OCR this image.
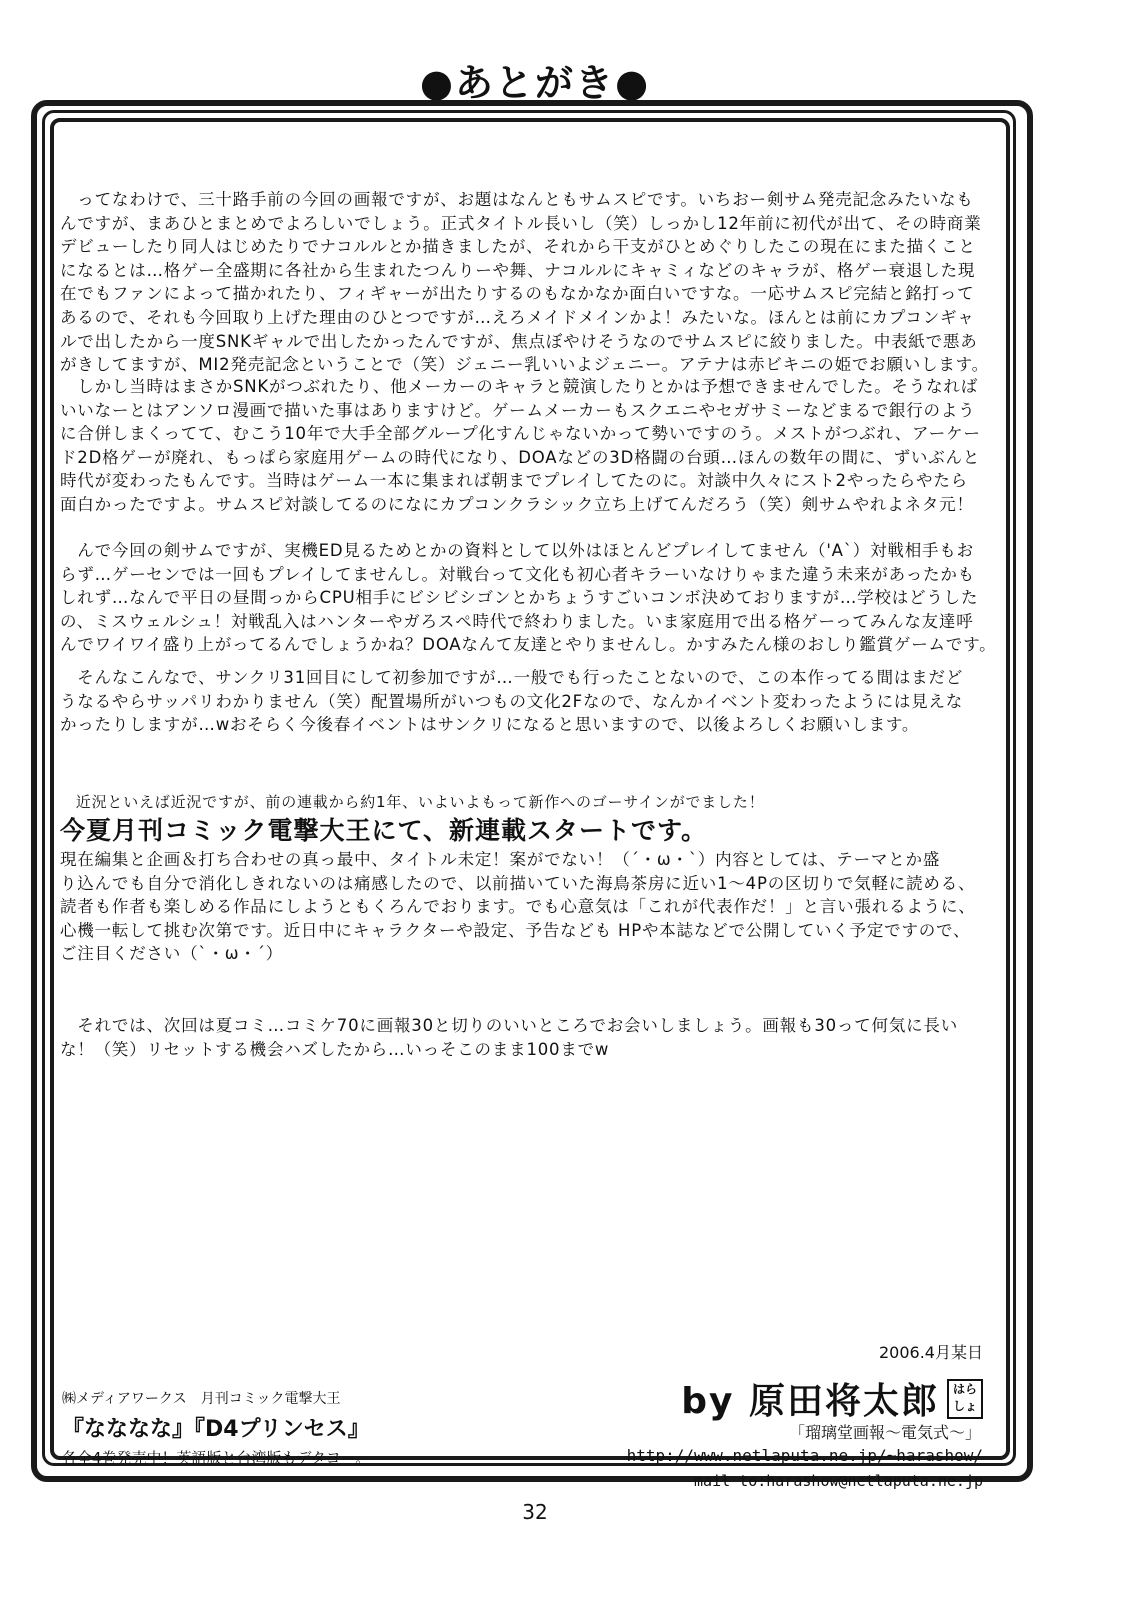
●あとがき●
　ってなわけで、三十路手前の今回の画報ですが、お題はなんともサムスピです。いちおー剣サム発売記念みたいなも
んですが、まあひとまとめでよろしいでしょう。正式タイトル長いし（笑）しっかし12年前に初代が出て、その時商業
デビューしたり同人はじめたりでナコルルとか描きましたが、それから干支がひとめぐりしたこの現在にまた描くこと
になるとは…格ゲー全盛期に各社から生まれたつんりーや舞、ナコルルにキャミィなどのキャラが、格ゲー衰退した現
在でもファンによって描かれたり、フィギャーが出たりするのもなかなか面白いですな。一応サムスピ完結と銘打って
あるので、それも今回取り上げた理由のひとつですが…えろメイドメインかよ！みたいな。ほんとは前にカプコンギャ
ルで出したから一度SNKギャルで出したかったんですが、焦点ぼやけそうなのでサムスピに絞りました。中表紙で悪あ
がきしてますが、MI2発売記念ということで（笑）ジェニー乳いいよジェニー。アテナは赤ビキニの姫でお願いします。
　しかし当時はまさかSNKがつぶれたり、他メーカーのキャラと競演したりとかは予想できませんでした。そうなれば
いいなーとはアンソロ漫画で描いた事はありますけど。ゲームメーカーもスクエニやセガサミーなどまるで銀行のよう
に合併しまくってて、むこう10年で大手全部グループ化すんじゃないかって勢いですのう。メストがつぶれ、アーケー
ド2D格ゲーが廃れ、もっぱら家庭用ゲームの時代になり、DOAなどの3D格闘の台頭…ほんの数年の間に、ずいぶんと
時代が変わったもんです。当時はゲーム一本に集まれば朝までプレイしてたのに。対談中久々にスト2やったらやたら
面白かったですよ。サムスピ対談してるのになにカプコンクラシック立ち上げてんだろう（笑）剣サムやれよネタ元！
　んで今回の剣サムですが、実機ED見るためとかの資料として以外はほとんどプレイしてません（'A`）対戦相手もお
らず…ゲーセンでは一回もプレイしてませんし。対戦台って文化も初心者キラーいなけりゃまた違う未来があったかも
しれず…なんで平日の昼間っからCPU相手にビシビシゴンとかちょうすごいコンボ決めておりますが…学校はどうした
の、ミスウェルシュ！対戦乱入はハンターやガろスペ時代で終わりました。いま家庭用で出る格ゲーってみんな友達呼
んでワイワイ盛り上がってるんでしょうかね？DOAなんて友達とやりませんし。かすみたん様のおしり鑑賞ゲームです。
　そんなこんなで、サンクリ31回目にして初参加ですが…一般でも行ったことないので、この本作ってる間はまだど
うなるやらサッパリわかりません（笑）配置場所がいつもの文化2Fなので、なんかイベント変わったようには見えな
かったりしますが…wおそらく今後春イベントはサンクリになると思いますので、以後よろしくお願いします。
　近況といえば近況ですが、前の連載から約1年、いよいよもって新作へのゴーサインがでました！
今夏月刊コミック電撃大王にて、新連載スタートです。
現在編集と企画＆打ち合わせの真っ最中、タイトル未定！案がでない！（´・ω・`）内容としては、テーマとか盛
り込んでも自分で消化しきれないのは痛感したので、以前描いていた海鳥茶房に近い1～4Pの区切りで気軽に読める、
読者も作者も楽しめる作品にしようともくろんでおります。でも心意気は「これが代表作だ！」と言い張れるように、
心機一転して挑む次第です。近日中にキャラクターや設定、予告なども HPや本誌などで公開していく予定ですので、
ご注目ください（`・ω・´）
　それでは、次回は夏コミ…コミケ70に画報30と切りのいいところでお会いしましょう。画報も30って何気に長い
な！（笑）リセットする機会ハズしたから…いっそこのまま100までw
㈱メディアワークス　月刊コミック電撃大王
『なななな』『D4プリンセス』
各全4巻発売中！英語版と台湾版もデタヨー。
2006.4月某日
by 原田将太郎	はらしょ
「瑠璃堂画報～電気式～」
http://www.netlaputa.ne.jp/~harashow/
mail to:harashow@netlaputa.ne.jp
32
